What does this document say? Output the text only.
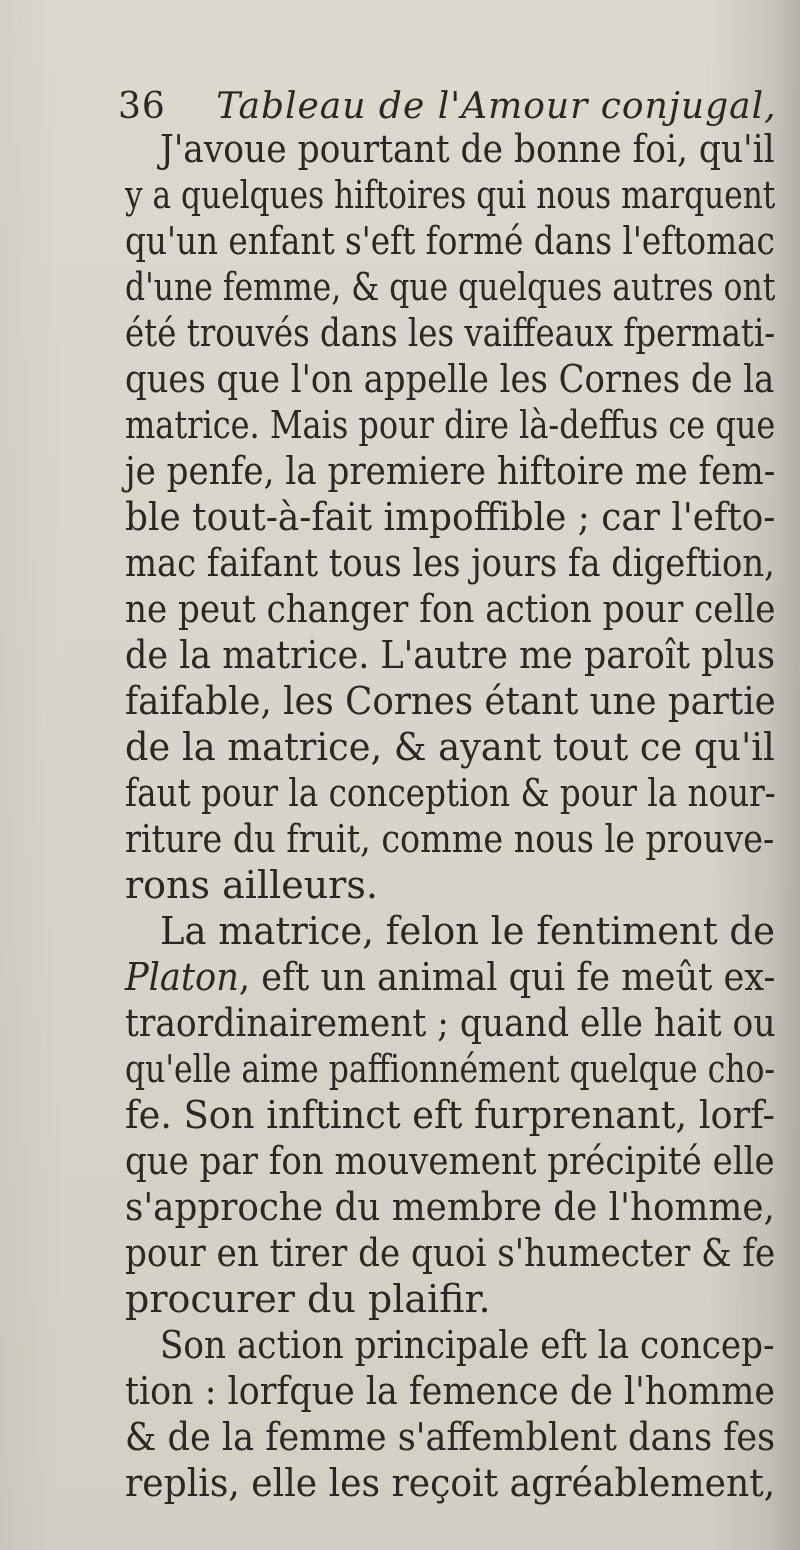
36 Tableau de l'Amour conjugal,
J'avoue pourtant de bonne foi, qu'il
y a quelques hiftoires qui nous marquent
qu'un enfant s'eft formé dans l'eftomac
d'une femme, & que quelques autres ont
été trouvés dans les vaiffeaux fpermati-
ques que l'on appelle les Cornes de la
matrice. Mais pour dire là-deffus ce que
je penfe, la premiere hiftoire me fem-
ble tout-à-fait impoffible ; car l'efto-
mac faifant tous les jours fa digeftion,
ne peut changer fon action pour celle
de la matrice. L'autre me paroît plus
faifable, les Cornes étant une partie
de la matrice, & ayant tout ce qu'il
faut pour la conception & pour la nour-
riture du fruit, comme nous le prouve-
rons ailleurs.
La matrice, felon le fentiment de
Platon, eft un animal qui fe meût ex-
traordinairement ; quand elle hait ou
qu'elle aime paffionnément quelque cho-
fe. Son inftinct eft furprenant, lorf-
que par fon mouvement précipité elle
s'approche du membre de l'homme,
pour en tirer de quoi s'humecter & fe
procurer du plaifir.
Son action principale eft la concep-
tion : lorfque la femence de l'homme
& de la femme s'affemblent dans fes
replis, elle les reçoit agréablement,
